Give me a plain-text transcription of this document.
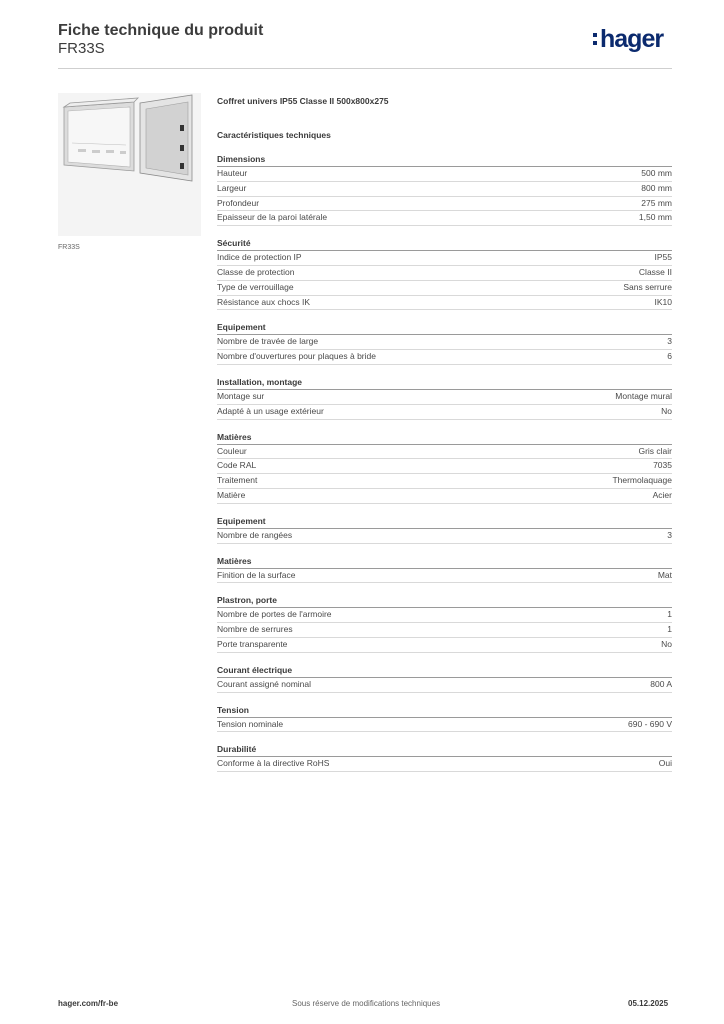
Fiche technique du produit
FR33S	hager
FR33S
Coffret univers IP55 Classe II 500x800x275
Caractéristiques techniques
Dimensions
Hauteur	500 mm
Largeur	800 mm
Profondeur	275 mm
Epaisseur de la paroi latérale	1,50 mm
Sécurité
Indice de protection IP	IP55
Classe de protection	Classe II
Type de verrouillage	Sans serrure
Résistance aux chocs IK	IK10
Equipement
Nombre de travée de large	3
Nombre d'ouvertures pour plaques à bride	6
Installation, montage
Montage sur	Montage mural
Adapté à un usage extérieur	No
Matières
Couleur	Gris clair
Code RAL	7035
Traitement	Thermolaquage
Matière	Acier
Equipement
Nombre de rangées	3
Matières
Finition de la surface	Mat
Plastron, porte
Nombre de portes de l'armoire	1
Nombre de serrures	1
Porte transparente	No
Courant électrique
Courant assigné nominal	800 A
Tension
Tension nominale	690 - 690 V
Durabilité
Conforme à la directive RoHS	Oui
hager.com/fr-be	Sous réserve de modifications techniques	05.12.2025
